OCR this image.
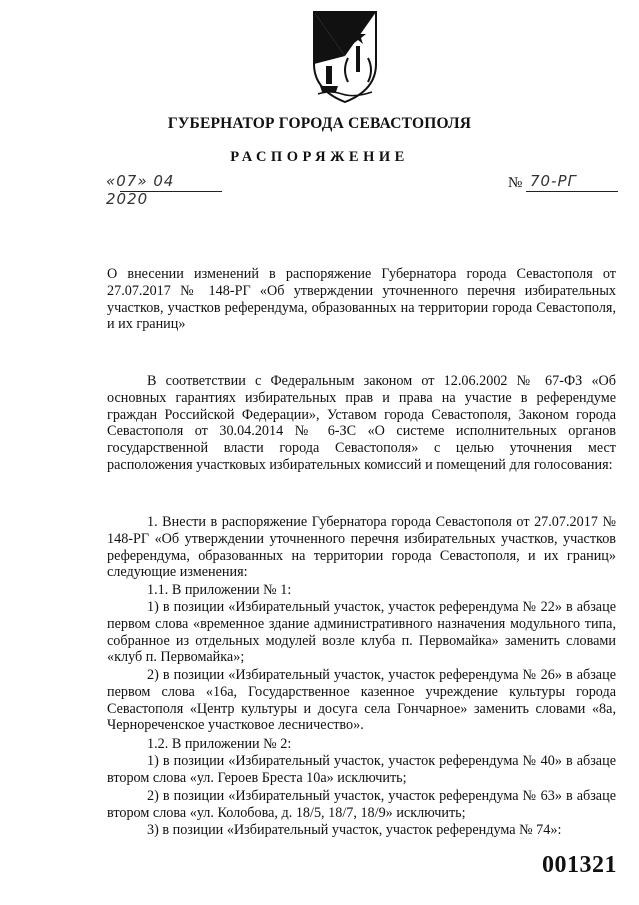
ГУБЕРНАТОР ГОРОДА СЕВАСТОПОЛЯ
РАСПОРЯЖЕНИЕ
«07» 04 2020
№ 70-РГ
О внесении изменений в распоряжение Губернатора города Севастополя от 27.07.2017 № 148-РГ «Об утверждении уточненного перечня избирательных участков, участков референдума, образованных на территории города Севастополя, и их границ»
В соответствии с Федеральным законом от 12.06.2002 № 67-ФЗ «Об основных гарантиях избирательных прав и права на участие в референдуме граждан Российской Федерации», Уставом города Севастополя, Законом города Севастополя от 30.04.2014 № 6-ЗС «О системе исполнительных органов государственной власти города Севастополя» с целью уточнения мест расположения участковых избирательных комиссий и помещений для голосования:
1. Внести в распоряжение Губернатора города Севастополя от 27.07.2017 № 148-РГ «Об утверждении уточненного перечня избирательных участков, участков референдума, образованных на территории города Севастополя, и их границ» следующие изменения:
1.1. В приложении № 1:
1) в позиции «Избирательный участок, участок референдума № 22» в абзаце первом слова «временное здание административного назначения модульного типа, собранное из отдельных модулей возле клуба п. Первомайка» заменить словами «клуб п. Первомайка»;
2) в позиции «Избирательный участок, участок референдума № 26» в абзаце первом слова «16а, Государственное казенное учреждение культуры города Севастополя «Центр культуры и досуга села Гончарное» заменить словами «8а, Чернореченское участковое лесничество».
1.2. В приложении № 2:
1) в позиции «Избирательный участок, участок референдума № 40» в абзаце втором слова «ул. Героев Бреста 10а» исключить;
2) в позиции «Избирательный участок, участок референдума № 63» в абзаце втором слова «ул. Колобова, д. 18/5, 18/7, 18/9» исключить;
3) в позиции «Избирательный участок, участок референдума № 74»:
001321
